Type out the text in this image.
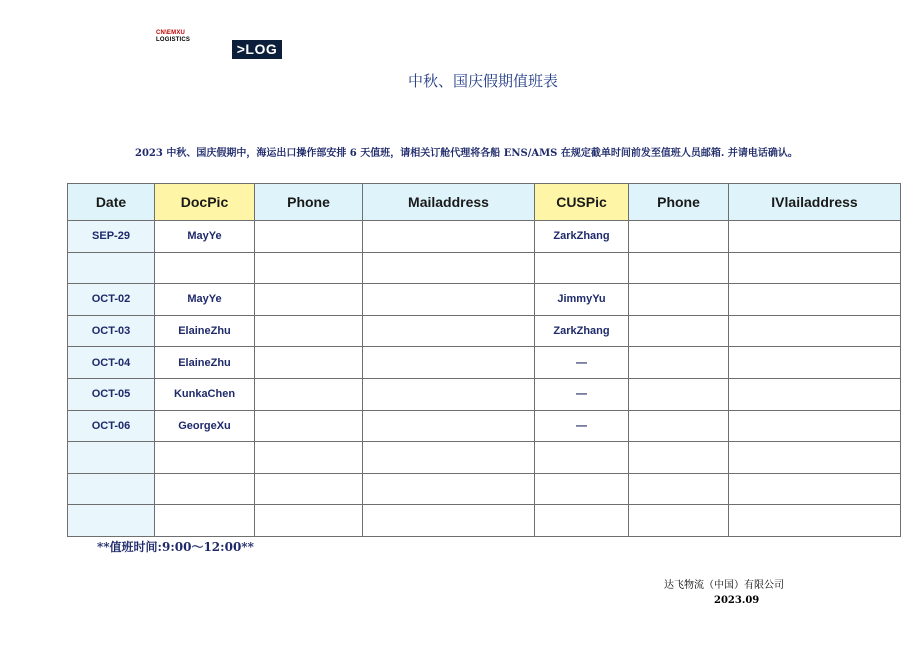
CN\EMXU
LOGISTICS
>LOG
中秋、国庆假期值班表
2023 中秋、国庆假期中，海运出口操作部安排 6 天值班，请相关订舱代理将各船 ENS/AMS 在规定截单时间前发至值班人员邮箱. 并请电话确认。
Date	DocPic	Phone	Mailaddress	CUSPic	Phone	IVlailaddress
SEP-29	MayYe			ZarkZhang		

OCT-02	MayYe			JimmyYu		
OCT-03	ElaineZhu			ZarkZhang		
OCT-04	ElaineZhu			—		
OCT-05	KunkaChen			—		
OCT-06	GeorgeXu			—		

**值班时间:9:00～12:00**
达飞物流（中国）有限公司
2023.09
